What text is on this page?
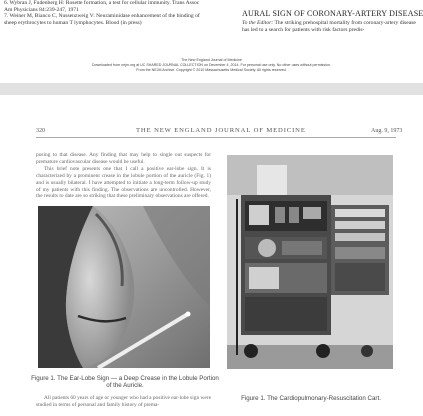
6. Wybran J, Fudenberg H: Rosette formation, a test for cellular immunity. Trans Assoc Am Physicians 84:239-247, 1971

7. Weiner M, Bianco C, Nussenzweig V: Neuraminidase enhancement of the binding of sheep erythrocytes to human T lymphocytes. Blood (in press)

AURAL SIGN OF CORONARY-ARTERY DISEASE
To the Editor: The striking prehospital mortality from coronary-artery disease has led to a search for patients with risk factors predis-
The New England Journal of Medicine
Downloaded from nejm.org at UC SHARED JOURNAL COLLECTION on December 4, 2014. For personal use only. No other uses without permission.
From the NEJM Archive. Copyright © 2010 Massachusetts Medical Society. All rights reserved.
320	THE NEW ENGLAND JOURNAL OF MEDICINE	Aug. 9, 1973

posing to that disease. Any finding that may help to single out suspects for premature cardiovascular disease would be useful.

This brief note presents one that I call a positive ear-lobe sign. It is characterized by a prominent crease in the lobule portion of the auricle (Fig. 1) and is usually bilateral. I have attempted to initiate a long-term follow-up study of my patients with this finding. The observations are uncontrolled. However, the results to date are so striking that these preliminary observations are offered.

Figure 1. The Ear-Lobe Sign — a Deep Crease in the Lobule Portion of the Auricle.
Figure 1. The Cardiopulmonary-Resuscitation Cart.
All patients 60 years of age or younger who had a positive ear-lobe sign were studied in terms of personal and family history of prema-
